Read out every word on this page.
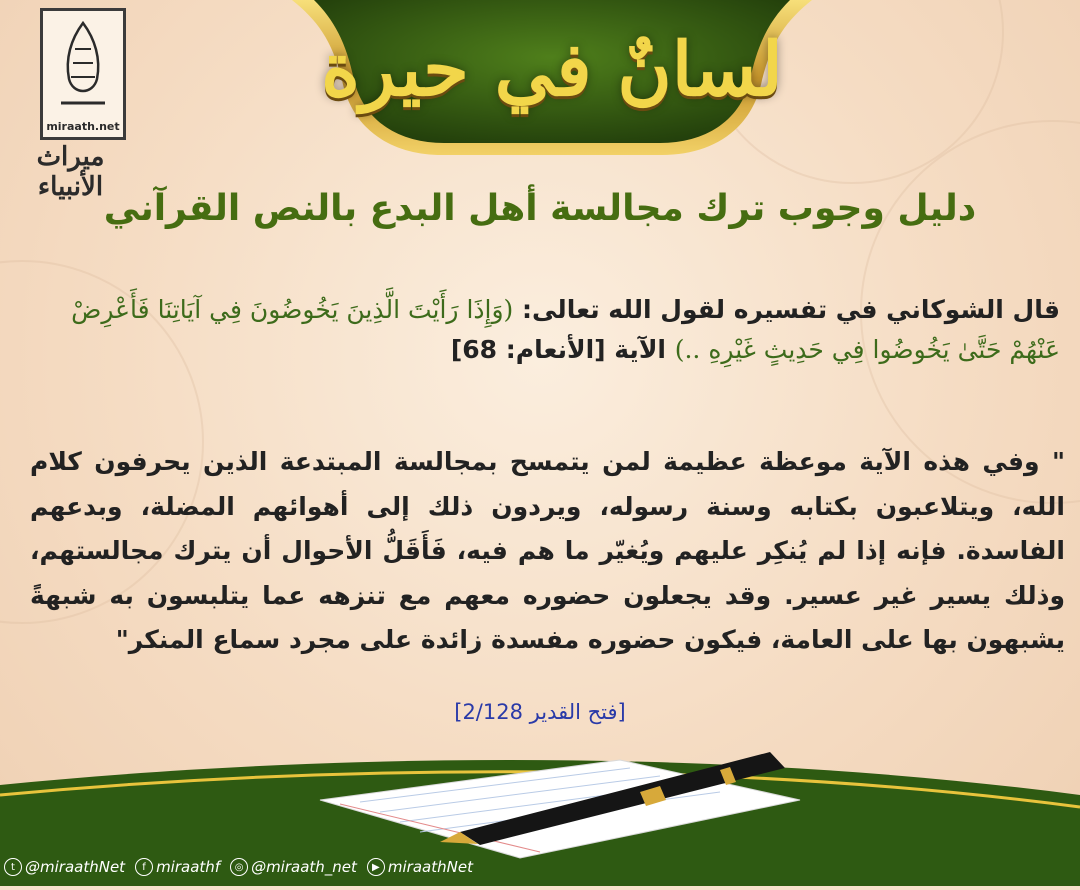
لسانٌ في حيرة
miraath.net
ميراث الأنبياء
دليل وجوب ترك مجالسة أهل البدع بالنص القرآني
قال الشوكاني في تفسيره لقول الله تعالى: (وَإِذَا رَأَيْتَ الَّذِينَ يَخُوضُونَ فِي آيَاتِنَا فَأَعْرِضْ عَنْهُمْ حَتَّىٰ يَخُوضُوا فِي حَدِيثٍ غَيْرِهِ ..) الآية [الأنعام: 68]
" وفي هذه الآية موعظة عظيمة لمن يتمسح بمجالسة المبتدعة الذين يحرفون كلام الله، ويتلاعبون بكتابه وسنة رسوله، ويردون ذلك إلى أهوائهم المضلة، وبدعهم الفاسدة. فإنه إذا لم يُنكِر عليهم ويُغيّر ما هم فيه، فَأَقَلُّ الأحوال أن يترك مجالستهم، وذلك يسير غير عسير. وقد يجعلون حضوره معهم مع تنزهه عما يتلبسون به شبهةً يشبهون بها على العامة، فيكون حضوره مفسدة زائدة على مجرد سماع المنكر"
[فتح القدير 2/128]
t @miraathNet	f miraathf	◎ @miraath_net	▶ miraathNet
